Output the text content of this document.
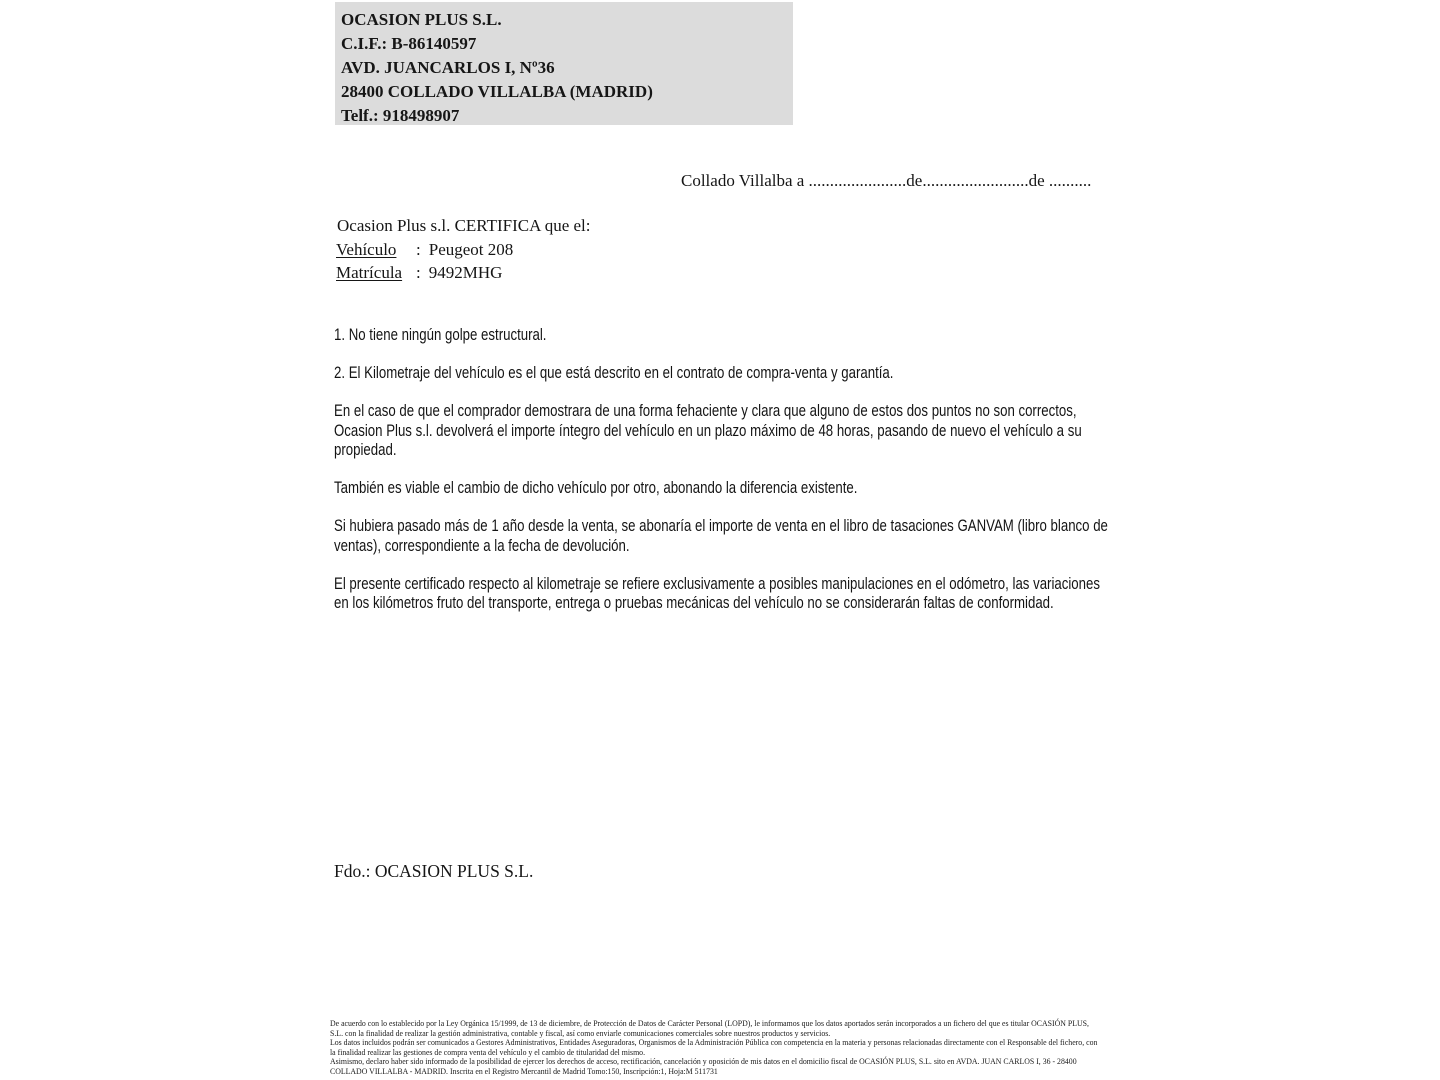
OCASION PLUS S.L.
C.I.F.: B-86140597
AVD. JUANCARLOS I, Nº36
28400 COLLADO VILLALBA (MADRID)
Telf.: 918498907
Collado Villalba a .......................de.........................de ..........
Ocasion Plus s.l. CERTIFICA que el:
Vehículo : Peugeot 208
Matrícula : 9492MHG

1. No tiene ningún golpe estructural.

2. El Kilometraje del vehículo es el que está descrito en el contrato de compra-venta y garantía.

En el caso de que el comprador demostrara de una forma fehaciente y clara que alguno de estos dos puntos no son correctos, Ocasion Plus s.l. devolverá el importe íntegro del vehículo en un plazo máximo de 48 horas, pasando de nuevo el vehículo a su propiedad.

También es viable el cambio de dicho vehículo por otro, abonando la diferencia existente.

Si hubiera pasado más de 1 año desde la venta, se abonaría el importe de venta en el libro de tasaciones GANVAM (libro blanco de ventas), correspondiente a la fecha de devolución.

El presente certificado respecto al kilometraje se refiere exclusivamente a posibles manipulaciones en el odómetro, las variaciones en los kilómetros fruto del transporte, entrega o pruebas mecánicas del vehículo no se considerarán faltas de conformidad.

Fdo.: OCASION PLUS S.L.

De acuerdo con lo establecido por la Ley Orgánica 15/1999, de 13 de diciembre, de Protección de Datos de Carácter Personal (LOPD), le informamos que los datos aportados serán incorporados a un fichero del que es titular OCASIÓN PLUS, S.L. con la finalidad de realizar la gestión administrativa, contable y fiscal, así como enviarle comunicaciones comerciales sobre nuestros productos y servicios.

Los datos incluidos podrán ser comunicados a Gestores Administrativos, Entidades Aseguradoras, Organismos de la Administración Pública con competencia en la materia y personas relacionadas directamente con el Responsable del fichero, con la finalidad realizar las gestiones de compra venta del vehículo y el cambio de titularidad del mismo.

Asimismo, declaro haber sido informado de la posibilidad de ejercer los derechos de acceso, rectificación, cancelación y oposición de mis datos en el domicilio fiscal de OCASIÓN PLUS, S.L. sito en AVDA. JUAN CARLOS I, 36 - 28400 COLLADO VILLALBA - MADRID. Inscrita en el Registro Mercantil de Madrid Tomo:150, Inscripción:1, Hoja:M 511731
